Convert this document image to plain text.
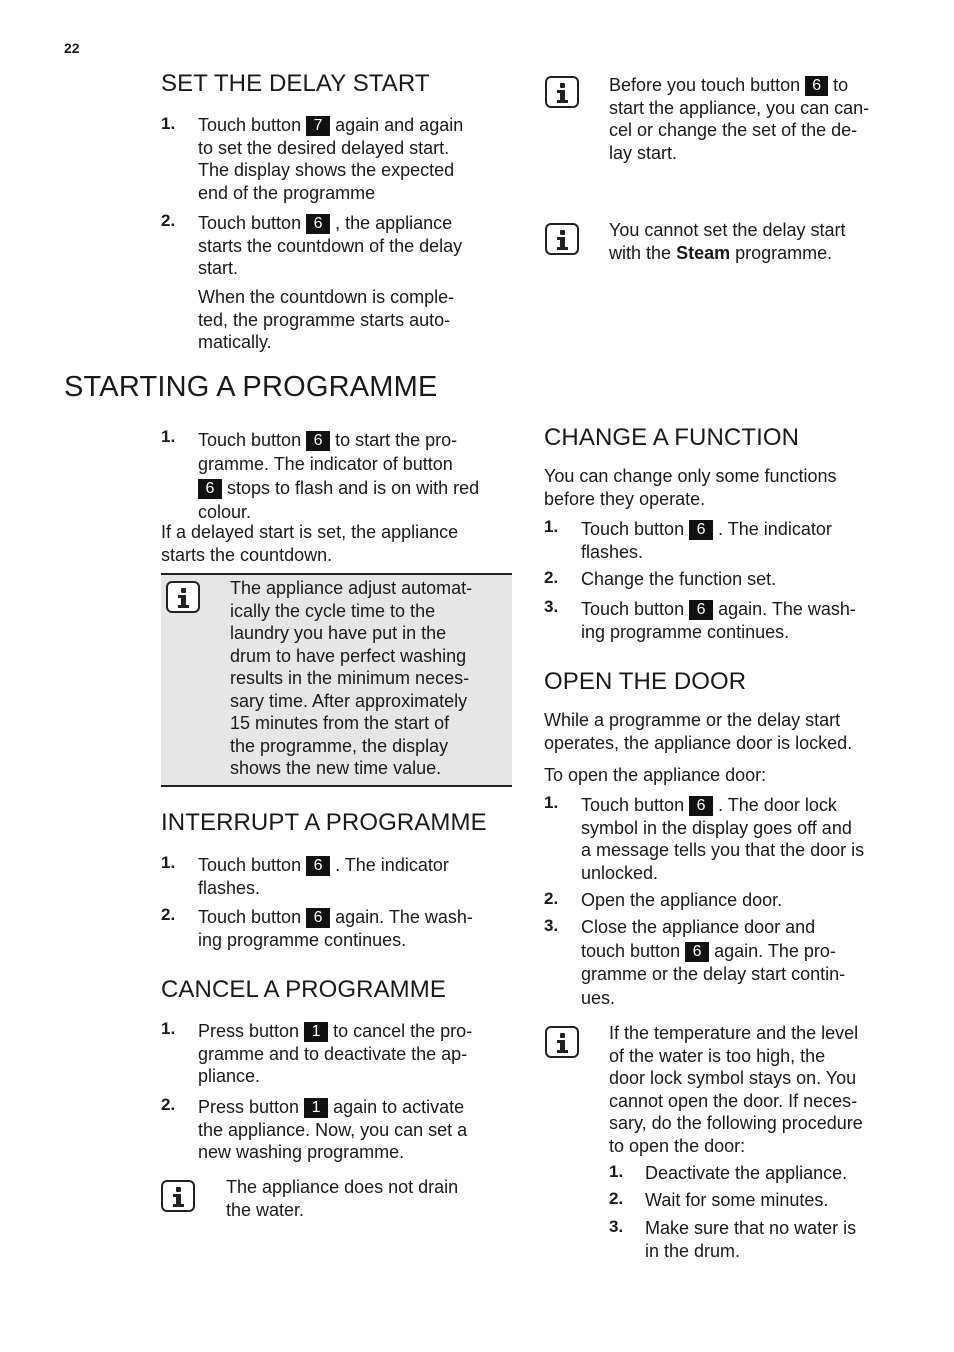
22
SET THE DELAY START
1. Touch button 7 again and again
to set the desired delayed start.
The display shows the expected
end of the programme
2. Touch button 6 , the appliance
starts the countdown of the delay
start.
When the countdown is comple-
ted, the programme starts auto-
matically.
Before you touch button 6 to
start the appliance, you can can-
cel or change the set of the de-
lay start.
You cannot set the delay start
with the Steam programme.
STARTING A PROGRAMME
1. Touch button 6 to start the pro-
gramme. The indicator of button
6 stops to flash and is on with red
colour.
If a delayed start is set, the appliance
starts the countdown.
The appliance adjust automat-
ically the cycle time to the
laundry you have put in the
drum to have perfect washing
results in the minimum neces-
sary time. After approximately
15 minutes from the start of
the programme, the display
shows the new time value.
INTERRUPT A PROGRAMME
1. Touch button 6 . The indicator
flashes.
2. Touch button 6 again. The wash-
ing programme continues.
CANCEL A PROGRAMME
1. Press button 1 to cancel the pro-
gramme and to deactivate the ap-
pliance.
2. Press button 1 again to activate
the appliance. Now, you can set a
new washing programme.
The appliance does not drain
the water.
CHANGE A FUNCTION
You can change only some functions
before they operate.
1. Touch button 6 . The indicator
flashes.
2. Change the function set.
3. Touch button 6 again. The wash-
ing programme continues.
OPEN THE DOOR
While a programme or the delay start
operates, the appliance door is locked.
To open the appliance door:
1. Touch button 6 . The door lock
symbol in the display goes off and
a message tells you that the door is
unlocked.
2. Open the appliance door.
3. Close the appliance door and
touch button 6 again. The pro-
gramme or the delay start contin-
ues.
If the temperature and the level
of the water is too high, the
door lock symbol stays on. You
cannot open the door. If neces-
sary, do the following procedure
to open the door:
1. Deactivate the appliance.
2. Wait for some minutes.
3. Make sure that no water is
in the drum.
